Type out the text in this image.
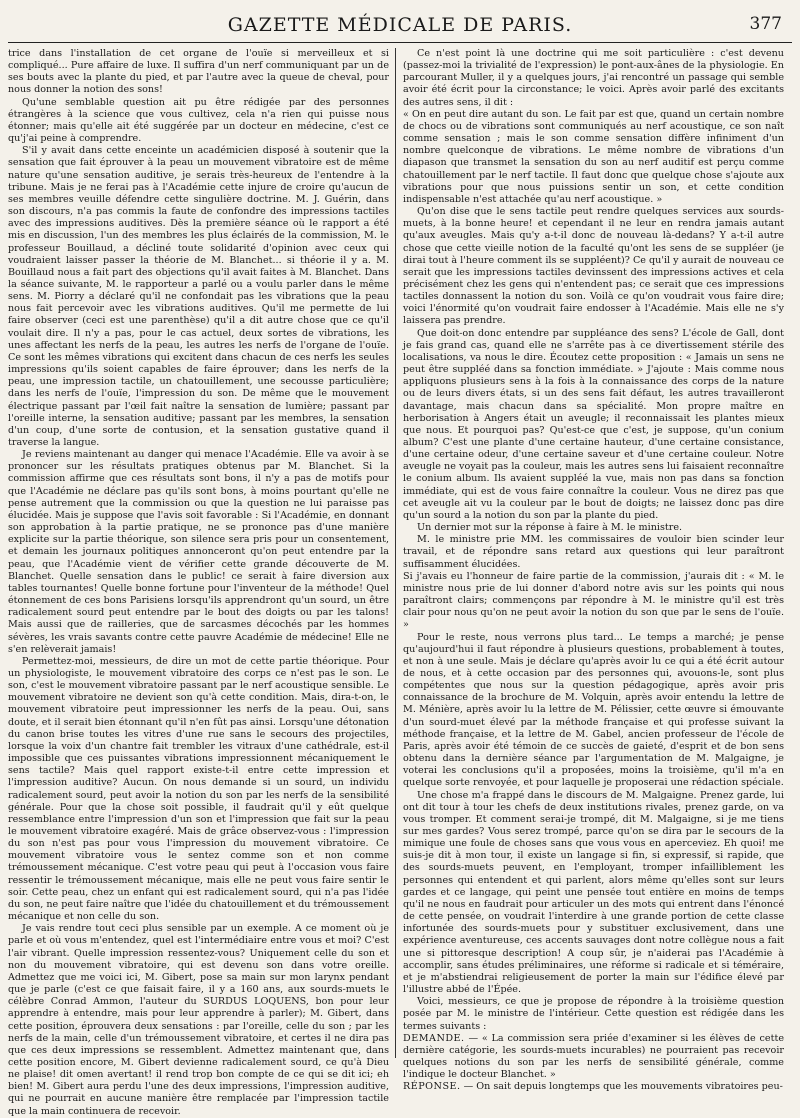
GAZETTE MÉDICALE DE PARIS.	377

trice dans l'installation de cet organe de l'ouïe si merveilleux et si compliqué... Pure affaire de luxe. Il suffira d'un nerf communiquant par un de ses bouts avec la plante du pied, et par l'autre avec la queue de cheval, pour nous donner la notion des sons!

Qu'une semblable question ait pu être rédigée par des personnes étrangères à la science que vous cultivez, cela n'a rien qui puisse nous étonner; mais qu'elle ait été suggérée par un docteur en médecine, c'est ce qu'j'ai peine à comprendre.

S'il y avait dans cette enceinte un académicien disposé à soutenir que la sensation que fait éprouver à la peau un mouvement vibratoire est de même nature qu'une sensation auditive, je serais très-heureux de l'entendre à la tribune. Mais je ne ferai pas à l'Académie cette injure de croire qu'aucun de ses membres veuille défendre cette singulière doctrine. M. J. Guérin, dans son discours, n'a pas commis la faute de confondre des impressions tactiles avec des impressions auditives. Dès la première séance où le rapport a été mis en discussion, l'un des membres les plus éclairés de la commission, M. le professeur Bouillaud, a décliné toute solidarité d'opinion avec ceux qui voudraient laisser passer la théorie de M. Blanchet... si théorie il y a. M. Bouillaud nous a fait part des objections qu'il avait faites à M. Blanchet. Dans la séance suivante, M. le rapporteur a parlé ou a voulu parler dans le même sens. M. Piorry a déclaré qu'il ne confondait pas les vibrations que la peau nous fait percevoir avec les vibrations auditives. Qu'il me permette de lui faire observer (ceci est une parenthèse) qu'il a dit autre chose que ce qu'il voulait dire. Il n'y a pas, pour le cas actuel, deux sortes de vibrations, les unes affectant les nerfs de la peau, les autres les nerfs de l'organe de l'ouïe. Ce sont les mêmes vibrations qui excitent dans chacun de ces nerfs les seules impressions qu'ils soient capables de faire éprouver; dans les nerfs de la peau, une impression tactile, un chatouillement, une secousse particulière; dans les nerfs de l'ouïe, l'impression du son. De même que le mouvement électrique passant par l'œil fait naître la sensation de lumière; passant par l'oreille interne, la sensation auditive; passant par les membres, la sensation d'un coup, d'une sorte de contusion, et la sensation gustative quand il traverse la langue.

Je reviens maintenant au danger qui menace l'Académie. Elle va avoir à se prononcer sur les résultats pratiques obtenus par M. Blanchet. Si la commission affirme que ces résultats sont bons, il n'y a pas de motifs pour que l'Académie ne déclare pas qu'ils sont bons, à moins pourtant qu'elle ne pense autrement que la commission ou que la question ne lui paraisse pas élucidée. Mais je suppose que l'avis soit favorable : Si l'Académie, en donnant son approbation à la partie pratique, ne se prononce pas d'une manière explicite sur la partie théorique, son silence sera pris pour un consentement, et demain les journaux politiques annonceront qu'on peut entendre par la peau, que l'Académie vient de vérifier cette grande découverte de M. Blanchet. Quelle sensation dans le public! ce serait à faire diversion aux tables tournantes! Quelle bonne fortune pour l'inventeur de la méthode! Quel étonnement de ces bons Parisiens lorsqu'ils apprendront qu'un sourd, un être radicalement sourd peut entendre par le bout des doigts ou par les talons! Mais aussi que de railleries, que de sarcasmes décochés par les hommes sévères, les vrais savants contre cette pauvre Académie de médecine! Elle ne s'en relèverait jamais!

Permettez-moi, messieurs, de dire un mot de cette partie théorique. Pour un physiologiste, le mouvement vibratoire des corps ce n'est pas le son. Le son, c'est le mouvement vibratoire passant par le nerf acoustique sensible. Le mouvement vibratoire ne devient son qu'à cette condition. Mais, dira-t-on, le mouvement vibratoire peut impressionner les nerfs de la peau. Oui, sans doute, et il serait bien étonnant qu'il n'en fût pas ainsi. Lorsqu'une détonation du canon brise toutes les vitres d'une rue sans le secours des projectiles, lorsque la voix d'un chantre fait trembler les vitraux d'une cathédrale, est-il impossible que ces puissantes vibrations impressionnent mécaniquement le sens tactile? Mais quel rapport existe-t-il entre cette impression et l'impression auditive? Aucun. On nous demande si un sourd, un individu radicalement sourd, peut avoir la notion du son par les nerfs de la sensibilité générale. Pour que la chose soit possible, il faudrait qu'il y eût quelque ressemblance entre l'impression d'un son et l'impression que fait sur la peau le mouvement vibratoire exagéré. Mais de grâce observez-vous : l'impression du son n'est pas pour vous l'impression du mouvement vibratoire. Ce mouvement vibratoire vous le sentez comme son et non comme trémoussement mécanique. C'est votre peau qui peut à l'occasion vous faire ressentir le trémoussement mécanique, mais elle ne peut vous faire sentir le soir. Cette peau, chez un enfant qui est radicalement sourd, qui n'a pas l'idée du son, ne peut faire naître que l'idée du chatouillement et du trémoussement mécanique et non celle du son.

Je vais rendre tout ceci plus sensible par un exemple. A ce moment où je parle et où vous m'entendez, quel est l'intermédiaire entre vous et moi? C'est l'air vibrant. Quelle impression ressentez-vous? Uniquement celle du son et non du mouvement vibratoire, qui est devenu son dans votre oreille. Admettez que me voici ici, M. Gibert, pose sa main sur mon larynx pendant que je parle (c'est ce que faisait faire, il y a 160 ans, aux sourds-muets le célèbre Conrad Ammon, l'auteur du SURDUS LOQUENS, bon pour leur apprendre à entendre, mais pour leur apprendre à parler); M. Gibert, dans cette position, éprouvera deux sensations : par l'oreille, celle du son ; par les nerfs de la main, celle d'un trémoussement vibratoire, et certes il ne dira pas que ces deux impressions se ressemblent. Admettez maintenant que, dans cette position encore, M. Gibert devienne radicalement sourd, ce qu'à Dieu ne plaise! dit omen avertant! il rend trop bon compte de ce qui se dit ici; eh bien! M. Gibert aura perdu l'une des deux impressions, l'impression auditive, qui ne pourrait en aucune manière être remplacée par l'impression tactile que la main continuera de recevoir.

Ce n'est point là une doctrine qui me soit particulière : c'est devenu (passez-moi la trivialité de l'expression) le pont-aux-ânes de la physiologie. En parcourant Muller, il y a quelques jours, j'ai rencontré un passage qui semble avoir été écrit pour la circonstance; le voici. Après avoir parlé des excitants des autres sens, il dit :

« On en peut dire autant du son. Le fait par est que, quand un certain nombre de chocs ou de vibrations sont communiqués au nerf acoustique, ce son naît comme sensation ; mais le son comme sensation diffère infiniment d'un nombre quelconque de vibrations. Le même nombre de vibrations d'un diapason que transmet la sensation du son au nerf auditif est perçu comme chatouillement par le nerf tactile. Il faut donc que quelque chose s'ajoute aux vibrations pour que nous puissions sentir un son, et cette condition indispensable n'est attachée qu'au nerf acoustique. »

Qu'on dise que le sens tactile peut rendre quelques services aux sourds-muets, à la bonne heure! et cependant il ne leur en rendra jamais autant qu'aux aveugles. Mais qu'y a-t-il donc de nouveau là-dedans? Y a-t-il autre chose que cette vieille notion de la faculté qu'ont les sens de se suppléer (je dirai tout à l'heure comment ils se suppléent)? Ce qu'il y aurait de nouveau ce serait que les impressions tactiles devinssent des impressions actives et cela précisément chez les gens qui n'entendent pas; ce serait que ces impressions tactiles donnassent la notion du son. Voilà ce qu'on voudrait vous faire dire; voici l'énormité qu'on voudrait faire endosser à l'Académie. Mais elle ne s'y laissera pas prendre.

Que doit-on donc entendre par suppléance des sens? L'école de Gall, dont je fais grand cas, quand elle ne s'arrête pas à ce divertissement stérile des localisations, va nous le dire. Écoutez cette proposition : « Jamais un sens ne peut être suppléé dans sa fonction immédiate. » J'ajoute : Mais comme nous appliquons plusieurs sens à la fois à la connaissance des corps de la nature ou de leurs divers états, si un des sens fait défaut, les autres travailleront davantage, mais chacun dans sa spécialité. Mon propre maître en herborisation à Angers était un aveugle; il reconnaissait les plantes mieux que nous. Et pourquoi pas? Qu'est-ce que c'est, je suppose, qu'un conium album? C'est une plante d'une certaine hauteur, d'une certaine consistance, d'une certaine odeur, d'une certaine saveur et d'une certaine couleur. Notre aveugle ne voyait pas la couleur, mais les autres sens lui faisaient reconnaître le conium album. Ils avaient suppléé la vue, mais non pas dans sa fonction immédiate, qui est de vous faire connaître la couleur. Vous ne direz pas que cet aveugle ait vu la couleur par le bout de doigts; ne laissez donc pas dire qu'un sourd a la notion du son par la plante du pied.

Un dernier mot sur la réponse à faire à M. le ministre.

M. le ministre prie MM. les commissaires de vouloir bien scinder leur travail, et de répondre sans retard aux questions qui leur paraîtront suffisamment élucidées.

Si j'avais eu l'honneur de faire partie de la commission, j'aurais dit : « M. le ministre nous prie de lui donner d'abord notre avis sur les points qui nous paraîtront clairs; commençons par répondre à M. le ministre qu'il est très clair pour nous qu'on ne peut avoir la notion du son que par le sens de l'ouïe. »

Pour le reste, nous verrons plus tard... Le temps a marché; je pense qu'aujourd'hui il faut répondre à plusieurs questions, probablement à toutes, et non à une seule. Mais je déclare qu'après avoir lu ce qui a été écrit autour de nous, et à cette occasion par des personnes qui, avouons-le, sont plus compétentes que nous sur la question pédagogique, après avoir pris connaissance de la brochure de M. Volquin, après avoir entendu la lettre de M. Ménière, après avoir lu la lettre de M. Pélissier, cette œuvre si émouvante d'un sourd-muet élevé par la méthode française et qui professe suivant la méthode française, et la lettre de M. Gabel, ancien professeur de l'école de Paris, après avoir été témoin de ce succès de gaieté, d'esprit et de bon sens obtenu dans la dernière séance par l'argumentation de M. Malgaigne, je voterai les conclusions qu'il a proposées, moins la troisième, qu'il m'a en quelque sorte renvoyée, et pour laquelle je proposerai une rédaction spéciale.

Une chose m'a frappé dans le discours de M. Malgaigne. Prenez garde, lui ont dit tour à tour les chefs de deux institutions rivales, prenez garde, on va vous tromper. Et comment serai-je trompé, dit M. Malgaigne, si je me tiens sur mes gardes? Vous serez trompé, parce qu'on se dira par le secours de la mimique une foule de choses sans que vous vous en aperceviez. Eh quoi! me suis-je dit à mon tour, il existe un langage si fin, si expressif, si rapide, que des sourds-muets peuvent, en l'employant, tromper infailliblement les personnes qui entendent et qui parlent, alors même qu'elles sont sur leurs gardes et ce langage, qui peint une pensée tout entière en moins de temps qu'il ne nous en faudrait pour articuler un des mots qui entrent dans l'énoncé de cette pensée, on voudrait l'interdire à une grande portion de cette classe infortunée des sourds-muets pour y substituer exclusivement, dans une expérience aventureuse, ces accents sauvages dont notre collègue nous a fait une si pittoresque description! A coup sûr, je n'aiderai pas l'Académie à accomplir, sans études préliminaires, une réforme si radicale et si téméraire, et je m'abstiendrai religieusement de porter la main sur l'édifice élevé par l'illustre abbé de l'Épée.

Voici, messieurs, ce que je propose de répondre à la troisième question posée par M. le ministre de l'intérieur. Cette question est rédigée dans les termes suivants :

DEMANDE. — « La commission sera priée d'examiner si les élèves de cette dernière catégorie, les sourds-muets incurables) ne pourraient pas recevoir quelques notions du son par les nerfs de sensibilité générale, comme l'indique le docteur Blanchet. »

RÉPONSE. — On sait depuis longtemps que les mouvements vibratoires peu-
